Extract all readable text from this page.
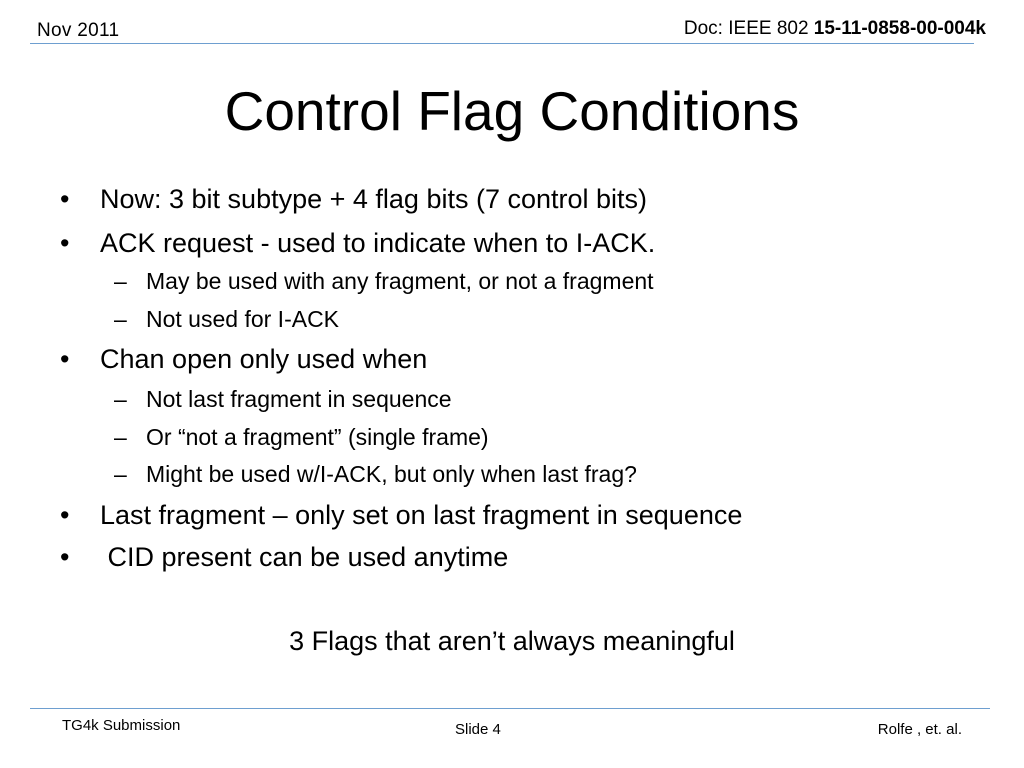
Nov 2011	Doc: IEEE 802 15-11-0858-00-004k
Control Flag Conditions
• Now: 3 bit subtype + 4 flag bits (7 control bits)
• ACK request - used to indicate when to I-ACK.
– May be used with any fragment, or not a fragment
– Not used for I-ACK
• Chan open only used when
– Not last fragment in sequence
– Or “not a fragment” (single frame)
– Might be used w/I-ACK, but only when last frag?
• Last fragment – only set on last fragment in sequence
• CID present can be used anytime
3 Flags that aren’t always meaningful
TG4k Submission	Slide 4	Rolfe , et. al.
